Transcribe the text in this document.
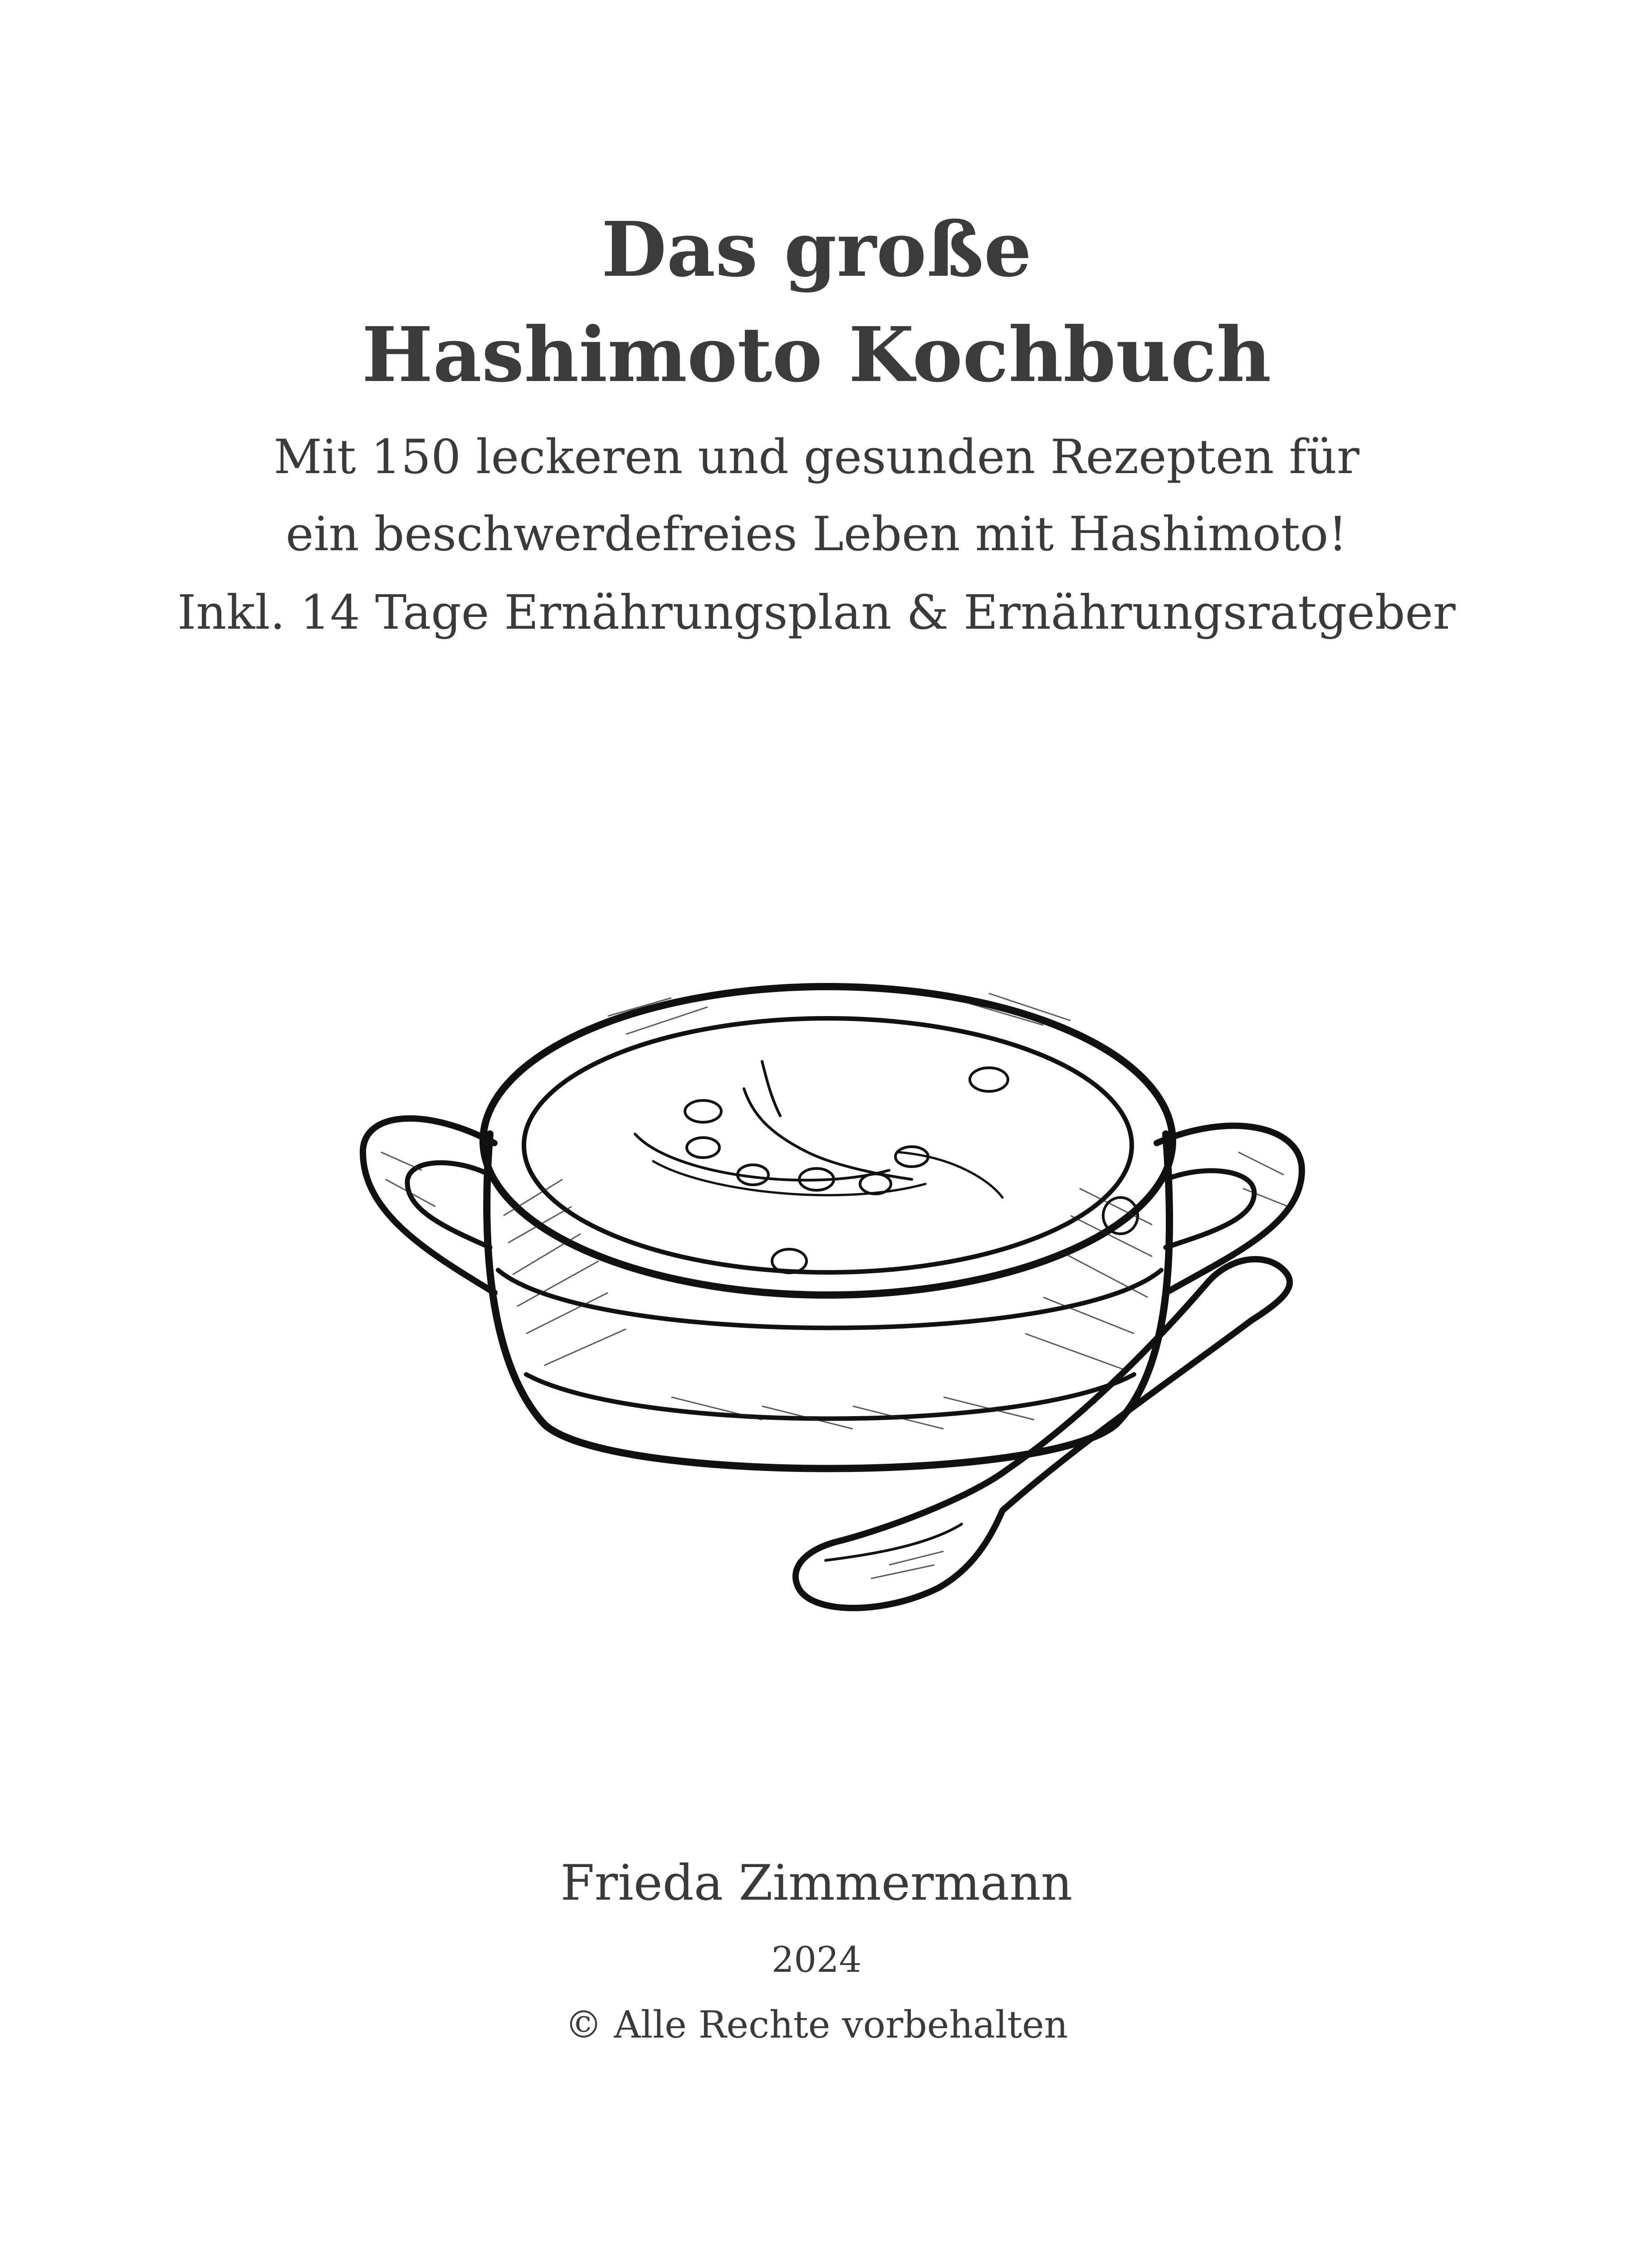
Das große
Hashimoto Kochbuch

Mit 150 leckeren und gesunden Rezepten für

ein beschwerdefreies Leben mit Hashimoto!

Inkl. 14 Tage Ernährungsplan & Ernährungsratgeber

Frieda Zimmermann
2024
© Alle Rechte vorbehalten
